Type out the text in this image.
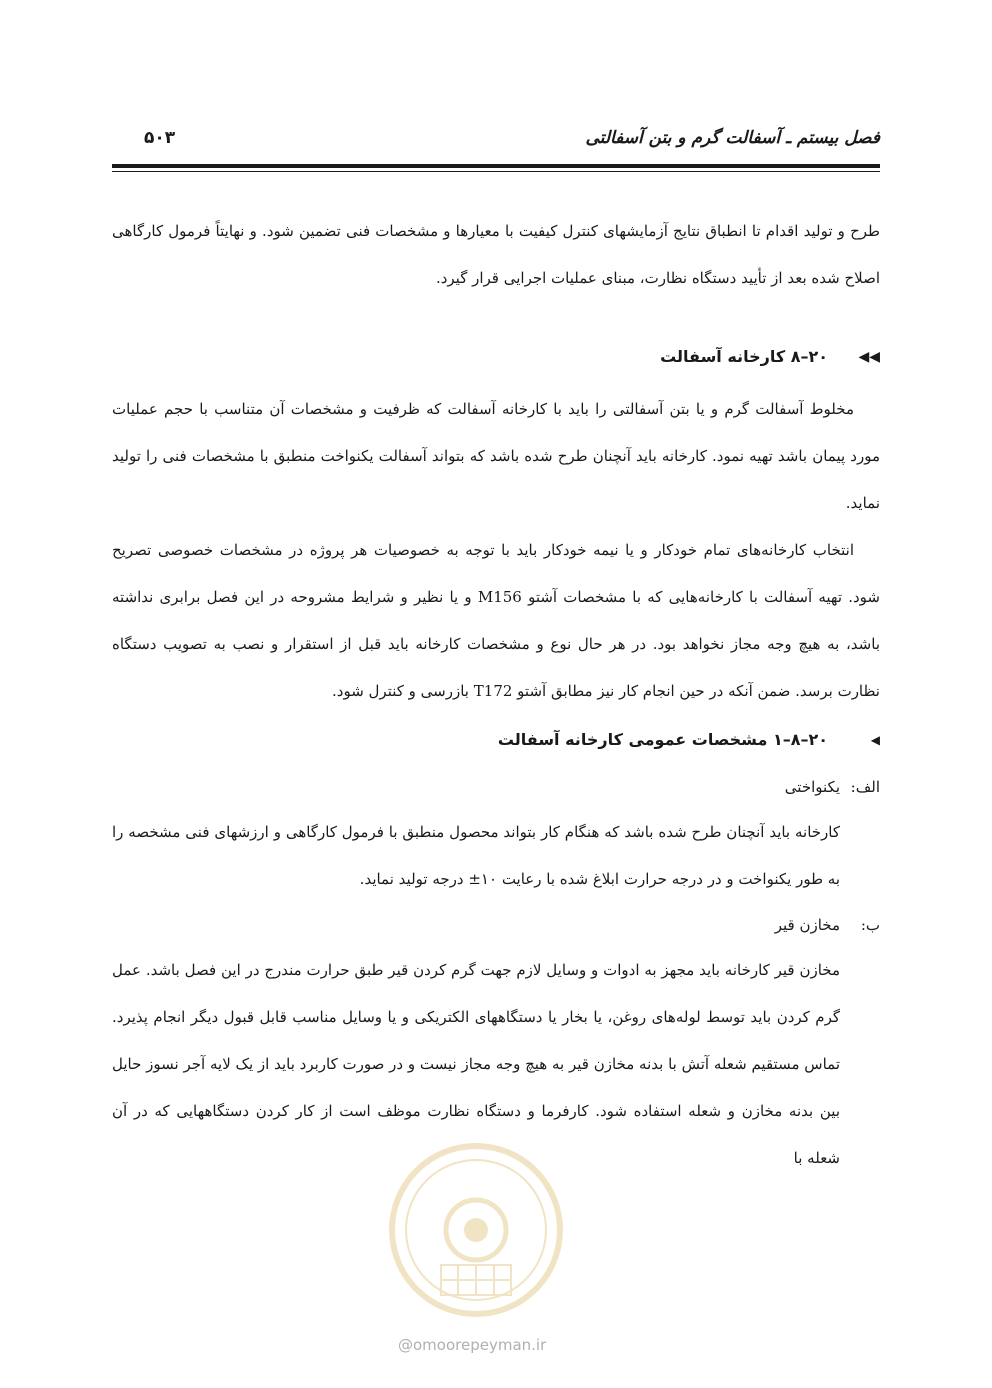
فصل بیستم ـ آسفالت گرم و بتن آسفالتی
۵۰۳

طرح و تولید اقدام تا انطباق نتایج آزمایشهای کنترل کیفیت با معیارها و مشخصات فنی تضمین شود. و نهایتاً فرمول کارگاهی اصلاح شده بعد از تأیید دستگاه نظارت، مبنای عملیات اجرایی قرار گیرد.

◀◀
۲۰–۸ کارخانه آسفالت

مخلوط آسفالت گرم و یا بتن آسفالتی را باید با کارخانه آسفالت که ظرفیت و مشخصات آن متناسب با حجم عملیات مورد پیمان باشد تهیه نمود. کارخانه باید آنچنان طرح شده باشد که بتواند آسفالت یکنواخت منطبق با مشخصات فنی را تولید نماید.

انتخاب کارخانه‌های تمام خودکار و یا نیمه خودکار باید با توجه به خصوصیات هر پروژه در مشخصات خصوصی تصریح شود. تهیه آسفالت با کارخانه‌هایی که با مشخصات آشتو M156 و یا نظیر و شرایط مشروحه در این فصل برابری نداشته باشد، به هیچ وجه مجاز نخواهد بود. در هر حال نوع و مشخصات کارخانه باید قبل از استقرار و نصب به تصویب دستگاه نظارت برسد. ضمن آنکه در حین انجام کار نیز مطابق آشتو T172 بازرسی و کنترل شود.

◀
۲۰–۸–۱ مشخصات عمومی کارخانه آسفالت

الف:یکنواختی

کارخانه باید آنچنان طرح شده باشد که هنگام کار بتواند محصول منطبق با فرمول کارگاهی و ارزشهای فنی مشخصه را به طور یکنواخت و در درجه حرارت ابلاغ شده با رعایت ۱۰± درجه تولید نماید.

ب:مخازن قیر

مخازن قیر کارخانه باید مجهز به ادوات و وسایل لازم جهت گرم کردن قیر طبق حرارت مندرج در این فصل باشد. عمل گرم کردن باید توسط لوله‌های روغن، یا بخار یا دستگاههای الکتریکی و یا وسایل مناسب قابل قبول دیگر انجام پذیرد. تماس مستقیم شعله آتش با بدنه مخازن قیر به هیچ وجه مجاز نیست و در صورت کاربرد باید از یک لایه آجر نسوز حایل بین بدنه مخازن و شعله استفاده شود. کارفرما و دستگاه نظارت موظف است از کار کردن دستگاههایی که در آن شعله با

@omoorepeyman.ir
